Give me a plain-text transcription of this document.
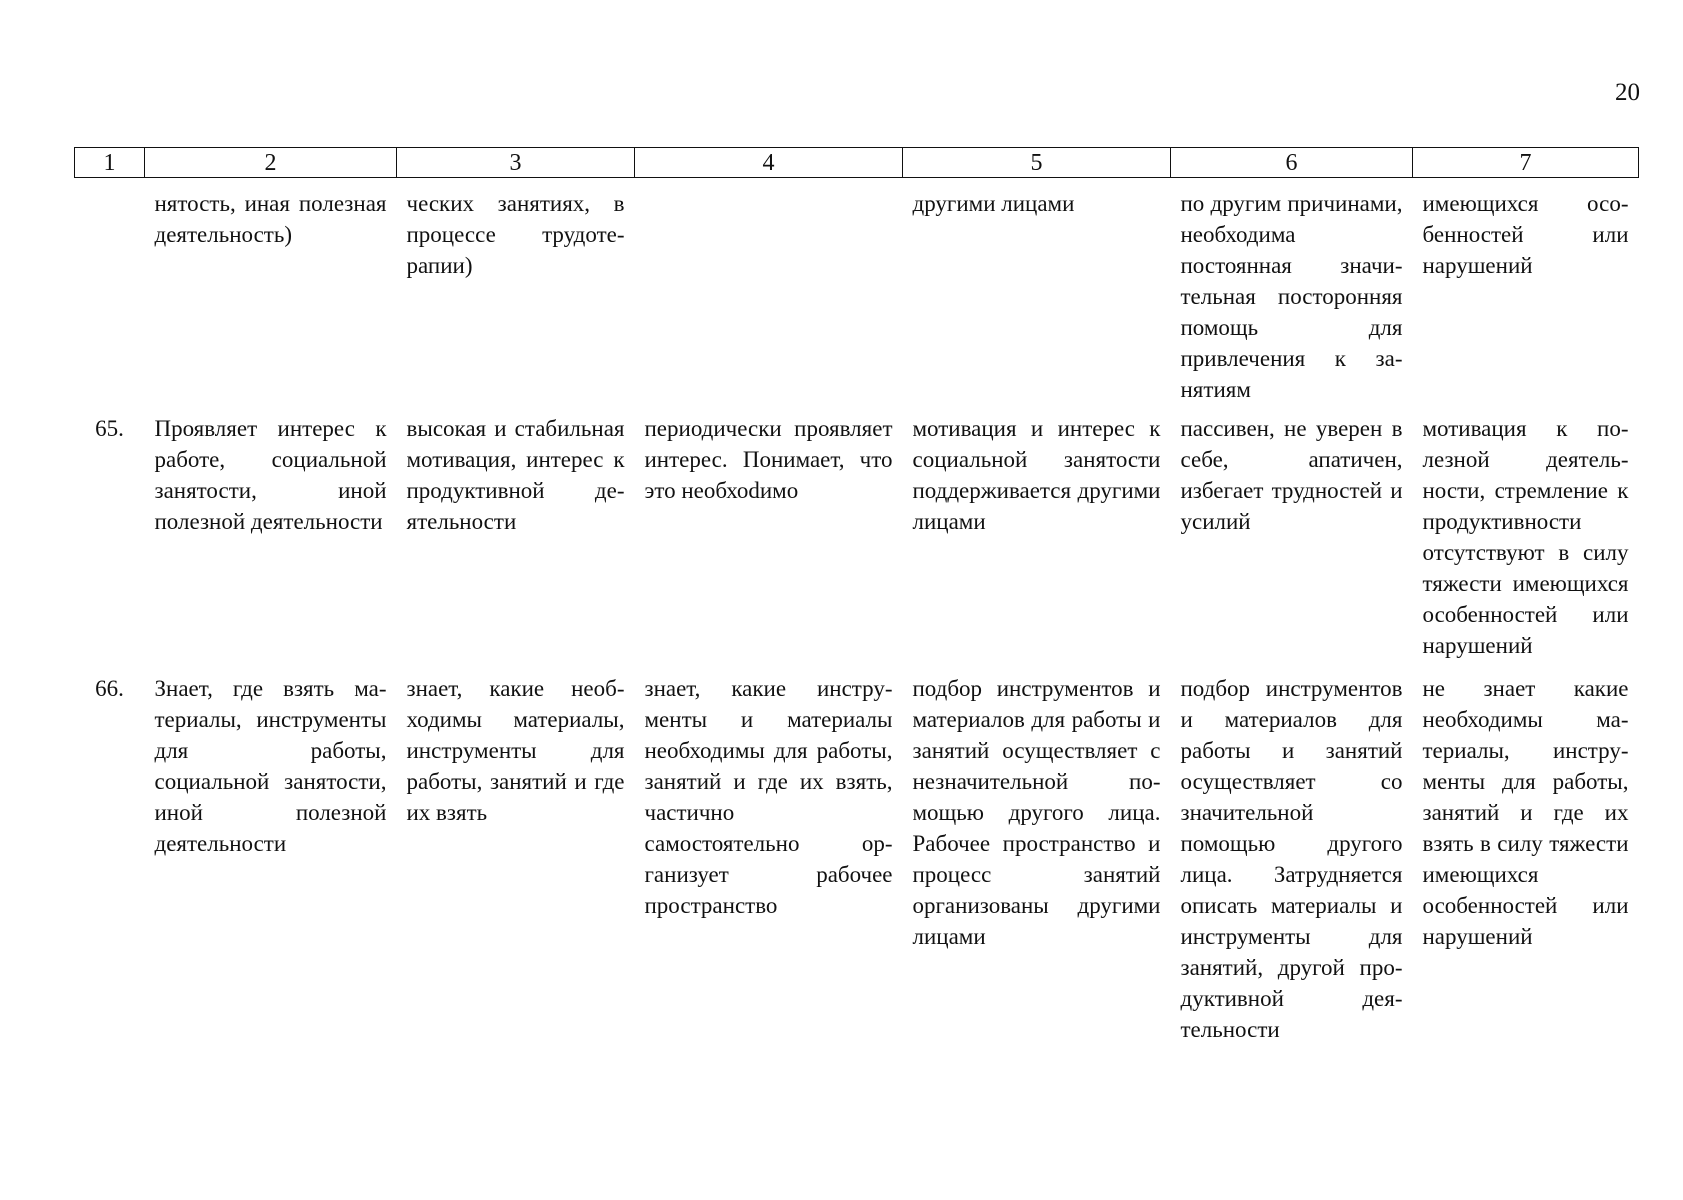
20
1	2	3	4	5	6	7
	нятость, иная полезная деятельность)	ческих занятиях, в процессе трудотерапии)		другими лицами	по другим причинами, необходима постоянная значительная посторонняя помощь для привлечения к занятиям	имеющихся особенностей или нарушений
65.	Проявляет интерес к работе, социальной занятости, иной полезной деятельности	высокая и стабильная мотивация, интерес к продуктивной деятельности	периодически проявляет интерес. Понимает, что это необхоdимо	мотивация и интерес к социальной занятости поддерживается другими лицами	пассивен, не уверен в себе, апатичен, избегает трудностей и усилий	мотивация к полезной деятельности, стремление к продуктивности отсутствуют в силу тяжести имеющихся особенностей или нарушений
66.	Знает, где взять материалы, инструменты для работы, социальной занятости, иной полезной деятельности	знает, какие необходимы материалы, инструменты для работы, занятий и где их взять	знает, какие инструменты и материалы необходимы для работы, занятий и где их взять, частично самостоятельно организует рабочее пространство	подбор инструментов и материалов для работы и занятий осуществляет с незначительной помощью другого лица. Рабочее пространство и процесс занятий организованы другими лицами	подбор инструментов и материалов для работы и занятий осуществляет со значительной помощью другого лица. Затрудняется описать материалы и инструменты для занятий, другой продуктивной деятельности	не знает какие необходимы материалы, инструменты для работы, занятий и где их взять в силу тяжести имеющихся особенностей или нарушений
